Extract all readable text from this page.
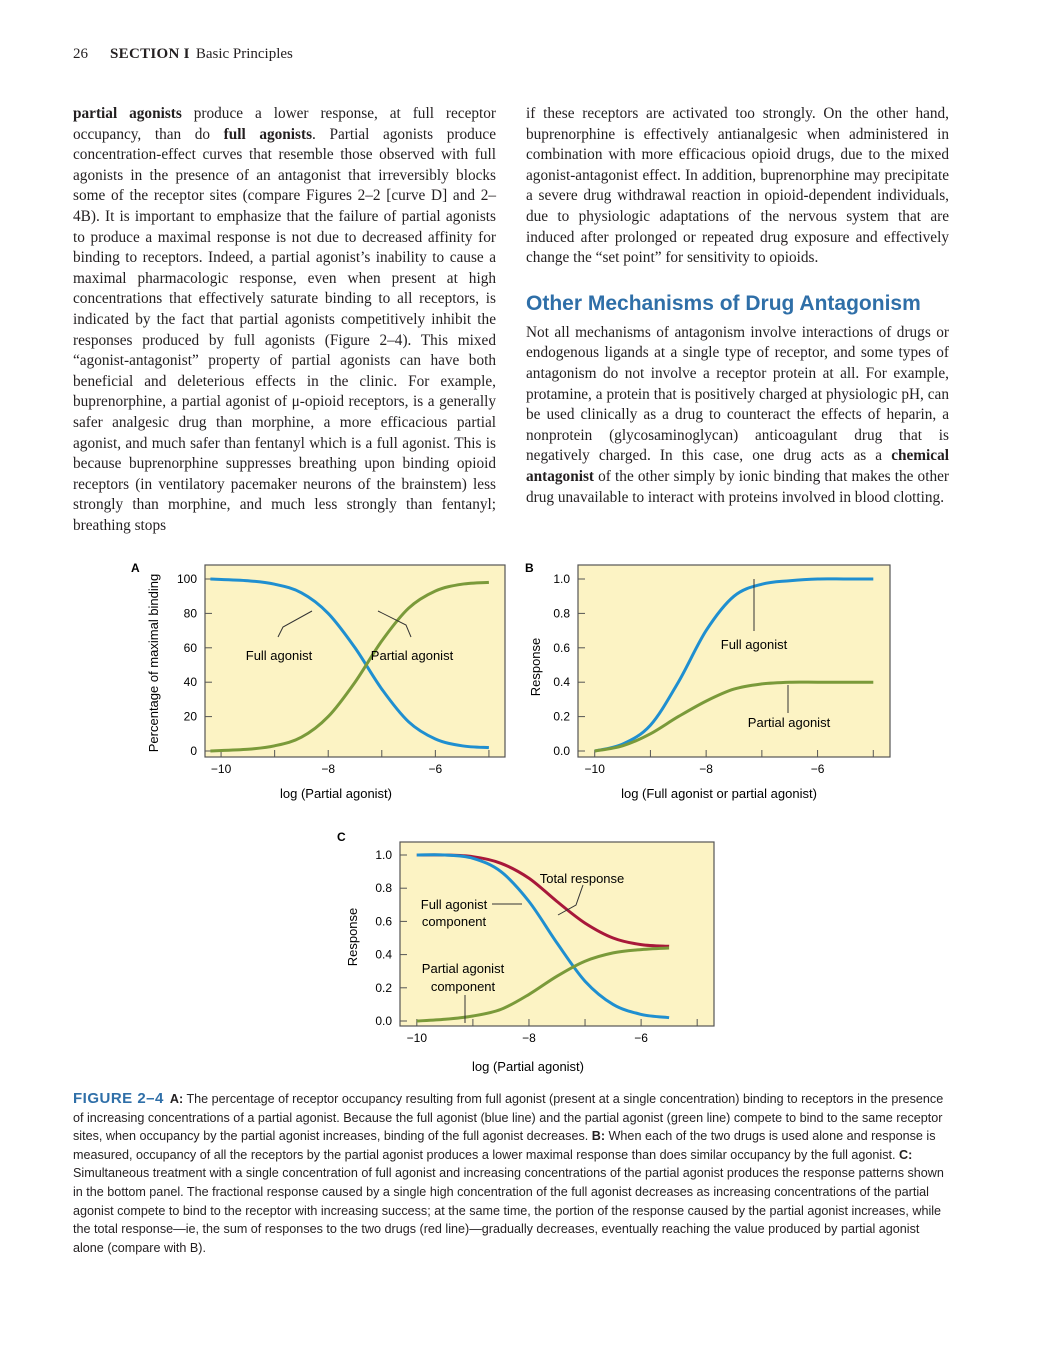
26 SECTION I Basic Principles

partial agonists produce a lower response, at full receptor occupancy, than do full agonists. Partial agonists produce concentration-effect curves that resemble those observed with full agonists in the presence of an antagonist that irreversibly blocks some of the receptor sites (compare Figures 2–2 [curve D] and 2–4B). It is important to emphasize that the failure of partial agonists to produce a maximal response is not due to decreased affinity for binding to receptors. Indeed, a partial agonist’s inability to cause a maximal pharmacologic response, even when present at high concentrations that effectively saturate binding to all receptors, is indicated by the fact that partial agonists competitively inhibit the responses produced by full agonists (Figure 2–4). This mixed “agonist-antagonist” property of partial agonists can have both beneficial and deleterious effects in the clinic. For example, buprenorphine, a partial agonist of μ-opioid receptors, is a generally safer analgesic drug than morphine, a more efficacious partial agonist, and much safer than fentanyl which is a full agonist. This is because buprenorphine suppresses breathing upon binding opioid receptors (in ventilatory pacemaker neurons of the brainstem) less strongly than morphine, and much less strongly than fentanyl; breathing stops

if these receptors are activated too strongly. On the other hand, buprenorphine is effectively antianalgesic when administered in combination with more efficacious opioid drugs, due to the mixed agonist-antagonist effect. In addition, buprenorphine may precipitate a severe drug withdrawal reaction in opioid-dependent individuals, due to physiologic adaptations of the nervous system that are induced after prolonged or repeated drug exposure and effectively change the “set point” for sensitivity to opioids.

Other Mechanisms of Drug Antagonism

Not all mechanisms of antagonism involve interactions of drugs or endogenous ligands at a single type of receptor, and some types of antagonism do not involve a receptor protein at all. For example, protamine, a protein that is positively charged at physiologic pH, can be used clinically as a drug to counteract the effects of heparin, a nonprotein (glycosaminoglycan) anticoagulant drug that is negatively charged. In this case, one drug acts as a chemical antagonist of the other simply by ionic binding that makes the other drug unavailable to interact with proteins involved in blood clotting.

A
0
20
40
60
80
100
−10	−8	−6
Percentage of maximal binding
log (Partial agonist)
Full agonist	Partial agonist
B
0.0
0.2
0.4
0.6
0.8
1.0
−10	−8	−6
Response
log (Full agonist or partial agonist)
Full agonist
Partial agonist
C
0.0
0.2
0.4
0.6
0.8
1.0
−10	−8	−6
Response
log (Partial agonist)
Total response
Full agonist
component
Partial agonist
component
FIGURE 2–4 A: The percentage of receptor occupancy resulting from full agonist (present at a single concentration) binding to receptors in the presence of increasing concentrations of a partial agonist. Because the full agonist (blue line) and the partial agonist (green line) compete to bind to the same receptor sites, when occupancy by the partial agonist increases, binding of the full agonist decreases. B: When each of the two drugs is used alone and response is measured, occupancy of all the receptors by the partial agonist produces a lower maximal response than does similar occupancy by the full agonist. C: Simultaneous treatment with a single concentration of full agonist and increasing concentrations of the partial agonist produces the response patterns shown in the bottom panel. The fractional response caused by a single high concentration of the full agonist decreases as increasing concentrations of the partial agonist compete to bind to the receptor with increasing success; at the same time, the portion of the response caused by the partial agonist increases, while the total response—ie, the sum of responses to the two drugs (red line)—gradually decreases, eventually reaching the value produced by partial agonist alone (compare with B).
